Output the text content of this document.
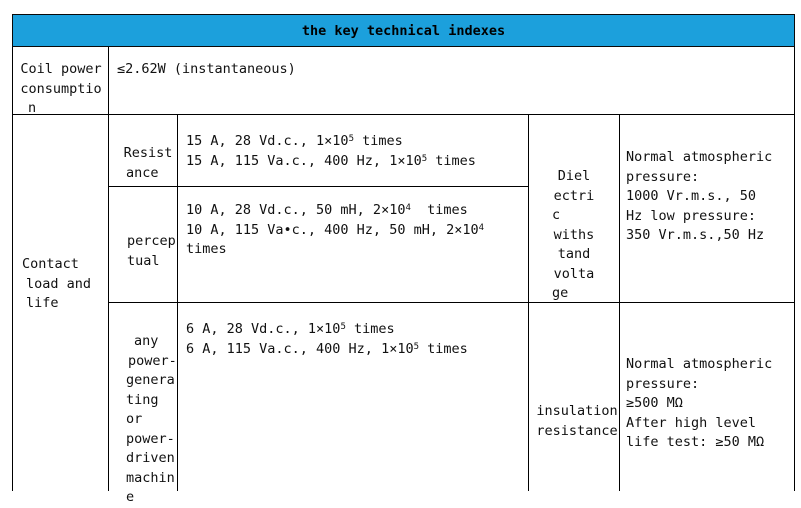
the key technical indexes
Coil power
consumptio
n
≤2.62W (instantaneous)
Contact
load and
life
Resist
ance
15 A, 28 Vd.c., $1\times 10^5$ times
15 A, 115 Va.c., 400 Hz, $1\times 10^5$ times
percep
tual
10 A, 28 Vd.c., 50 mH, $2\times 10^4$  times
10 A, 115 Va•c., 400 Hz, 50 mH, $2\times 10^4$
times
any
power-
genera
ting
or
power-
driven
machin
e
6 A, 28 Vd.c., $1\times 10^5$ times
6 A, 115 Va.c., 400 Hz, $1\times 10^5$ times
Diel
ectri
c
withs
tand
volta
ge
Normal atmospheric
pressure:
1000 Vr.m.s., 50
Hz low pressure:
350 Vr.m.s.,50 Hz
insulation
resistance
Normal atmospheric
pressure:
≥500 MΩ
After high level
life test: ≥50 MΩ
